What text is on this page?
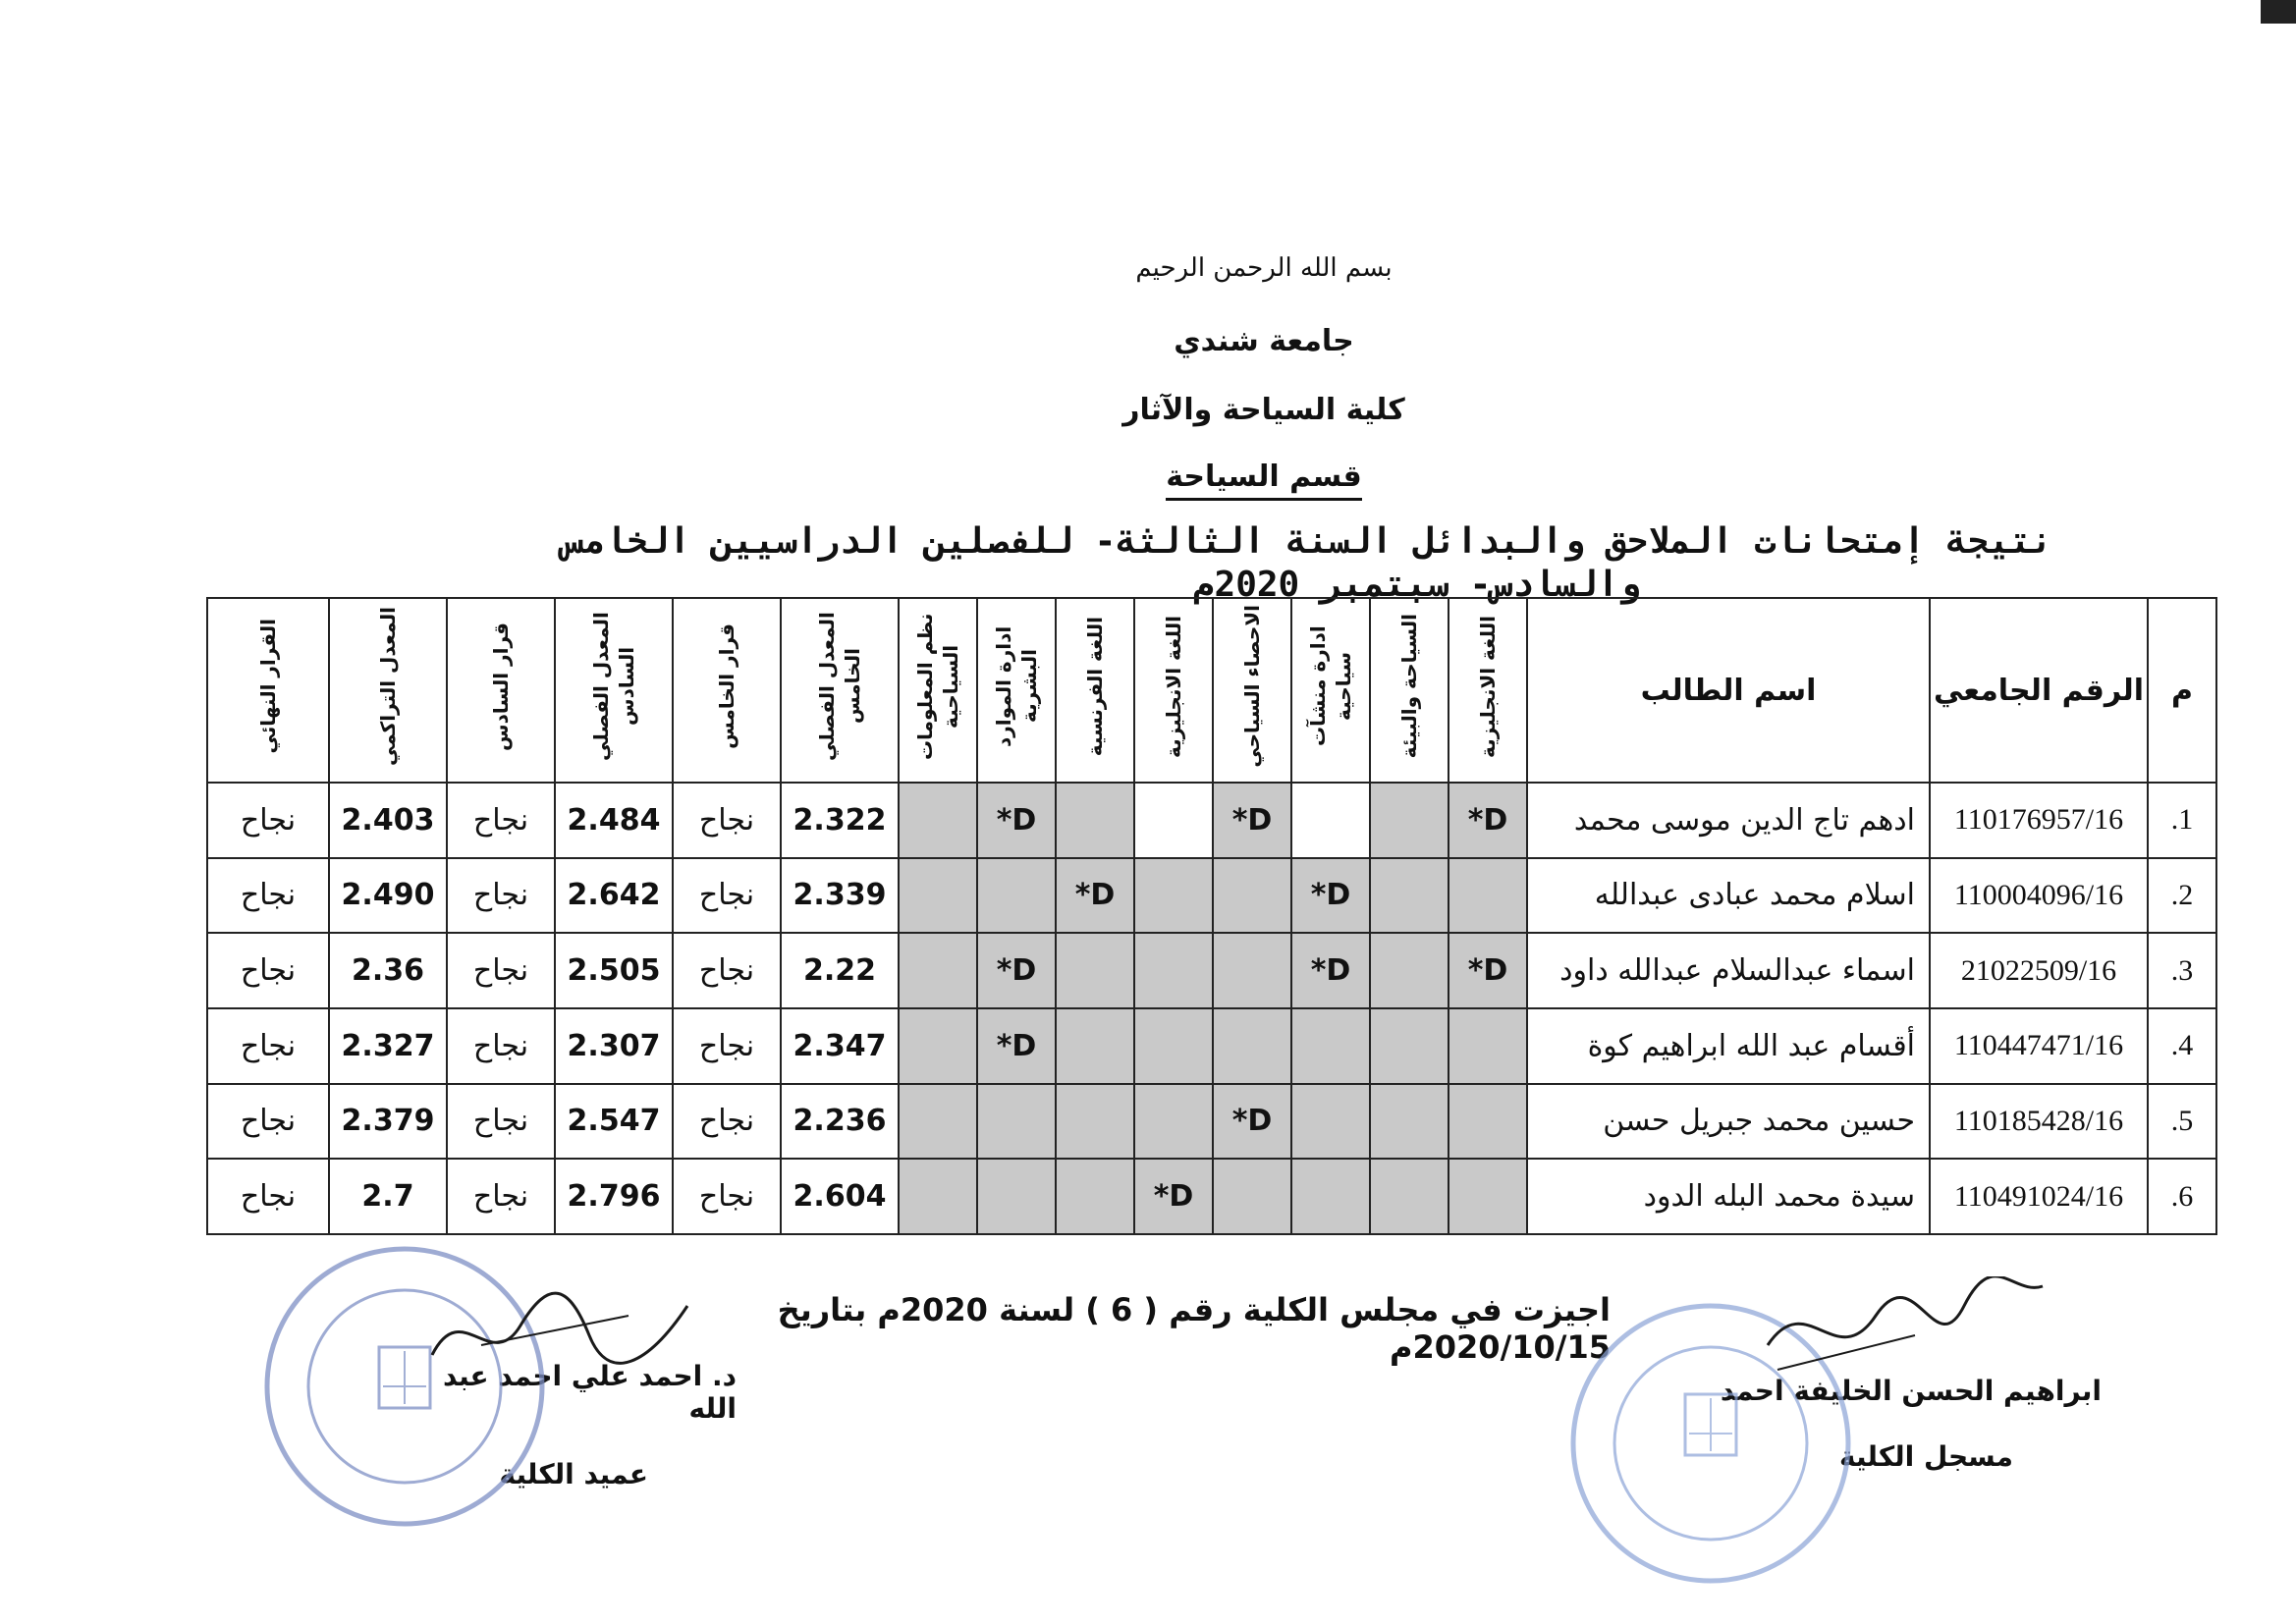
بسم الله الرحمن الرحيم
جامعة شندي
كلية السياحة والآثار
قسم السياحة
نتيجة إمتحانات الملاحق والبدائل السنة الثالثة- للفصلين الدراسيين الخامس
والسادس- سبتمبر 2020م
م	الرقم الجامعي	اسم الطالب	اللغة الانجليزية	السياحة والبيئة	ادارة منشآت سياحية	الاحصاء السياحي	اللغة الانجليزية	اللغة الفرنسية	ادارة الموارد البشرية	نظم المعلومات السياحية	المعدل الفصلي الخامس	قرار الخامس	المعدل الفصلي السادس	قرار السادس	المعدل التراكمي	القرار النهائي
1.	110176957/16	ادهم تاج الدين موسى محمد	D*			D*			D*		2.322	نجاح	2.484	نجاح	2.403	نجاح
2.	110004096/16	اسلام محمد عبادى عبدالله			D*			D*			2.339	نجاح	2.642	نجاح	2.490	نجاح
3.	21022509/16	اسماء عبدالسلام عبدالله داود	D*		D*				D*		2.22	نجاح	2.505	نجاح	2.36	نجاح
4.	110447471/16	أقسام عبد الله ابراهيم كوة							D*		2.347	نجاح	2.307	نجاح	2.327	نجاح
5.	110185428/16	حسين محمد جبريل حسن				D*					2.236	نجاح	2.547	نجاح	2.379	نجاح
6.	110491024/16	سيدة محمد البله الدود					D*				2.604	نجاح	2.796	نجاح	2.7	نجاح
اجيزت في مجلس الكلية رقم ( 6 ) لسنة 2020م بتاريخ 2020/10/15م
د. احمد علي احمد عبد الله
عميد الكلية
ابراهيم الحسن الخليفة احمد
مسجل الكلية
